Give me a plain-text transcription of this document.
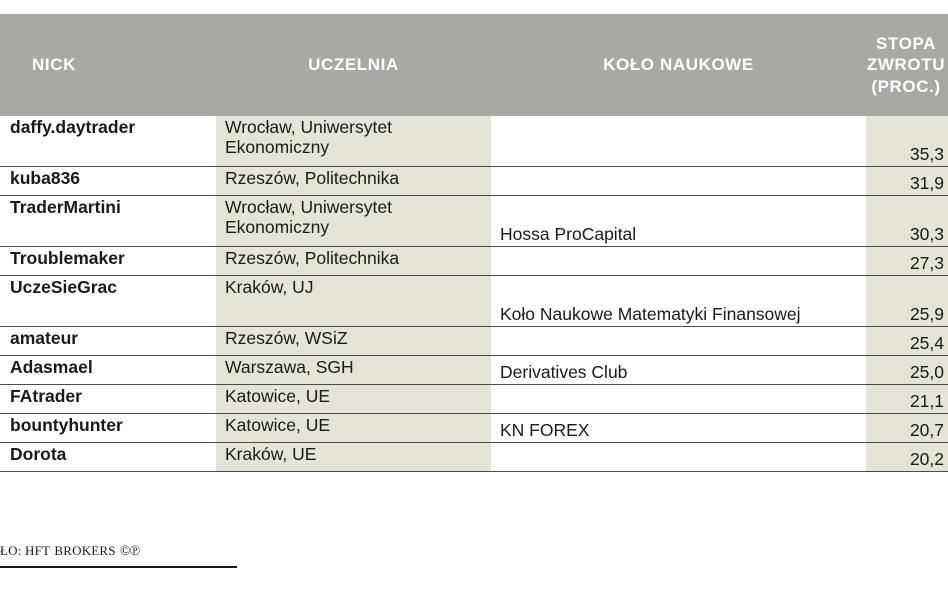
NICK	UCZELNIA	KOŁO NAUKOWE	STOPA
ZWROTU
(PROC.)

daffy.daytrader	Wrocław, Uniwersytet Ekonomiczny		35,3
kuba836	Rzeszów, Politechnika		31,9
TraderMartini	Wrocław, Uniwersytet Ekonomiczny	Hossa ProCapital	30,3
Troublemaker	Rzeszów, Politechnika		27,3
UczeSieGrac	Kraków, UJ	Koło Naukowe Matematyki Finansowej	25,9
amateur	Rzeszów, WSiZ		25,4
Adasmael	Warszawa, SGH	Derivatives Club	25,0
FAtrader	Katowice, UE		21,1
bountyhunter	Katowice, UE	KN FOREX	20,7
Dorota	Kraków, UE		20,2
ŁO: HFT BROKERS ©℗
